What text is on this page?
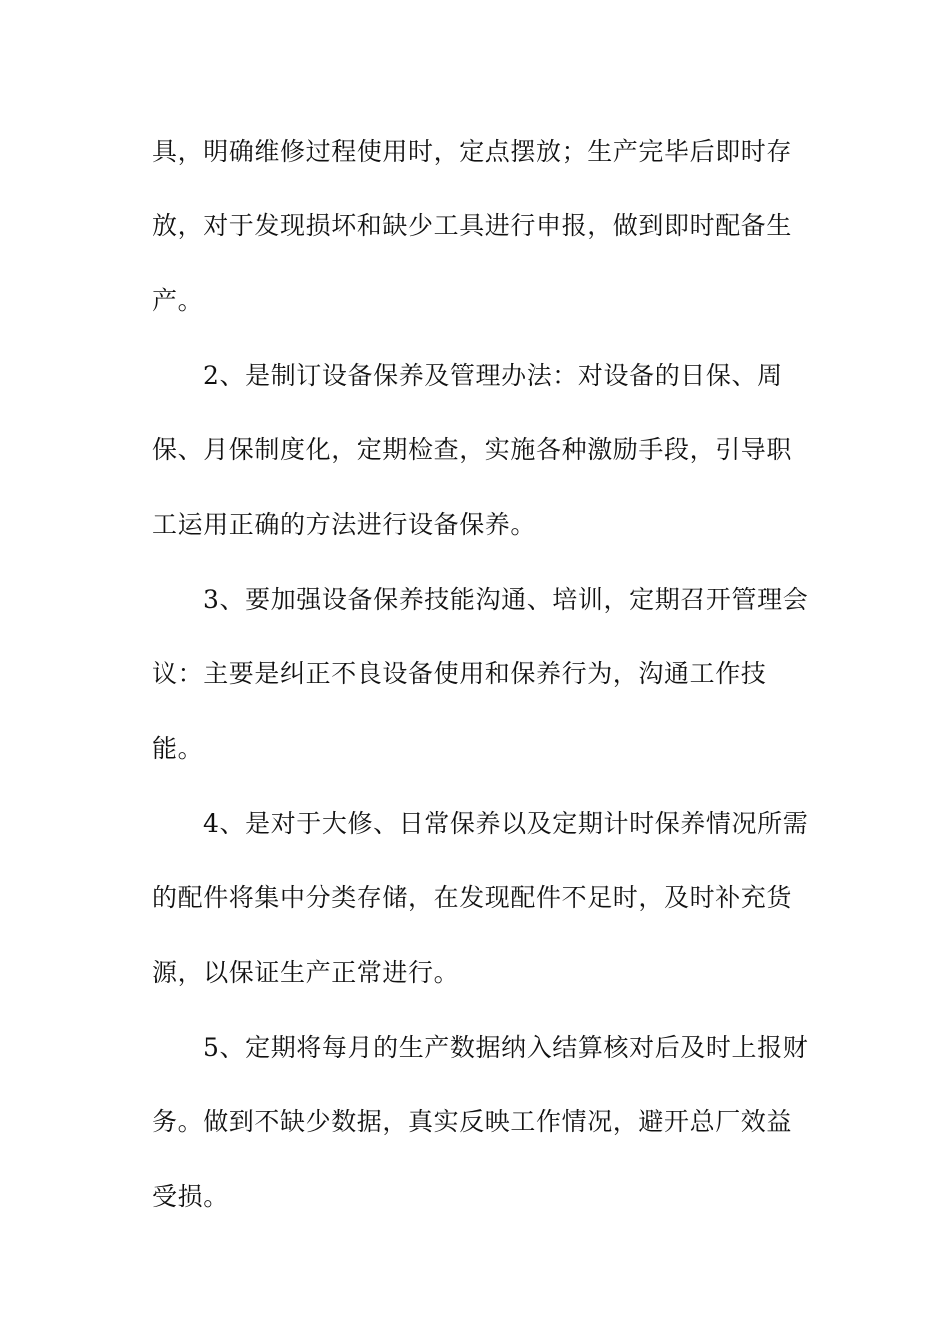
具，明确维修过程使用时，定点摆放；生产完毕后即时存
放，对于发现损坏和缺少工具进行申报，做到即时配备生
产。
2、是制订设备保养及管理办法：对设备的日保、周
保、月保制度化，定期检查，实施各种激励手段，引导职
工运用正确的方法进行设备保养。
3、要加强设备保养技能沟通、培训，定期召开管理会
议：主要是纠正不良设备使用和保养行为，沟通工作技
能。
4、是对于大修、日常保养以及定期计时保养情况所需
的配件将集中分类存储，在发现配件不足时，及时补充货
源，以保证生产正常进行。
5、定期将每月的生产数据纳入结算核对后及时上报财
务。做到不缺少数据，真实反映工作情况，避开总厂效益
受损。
